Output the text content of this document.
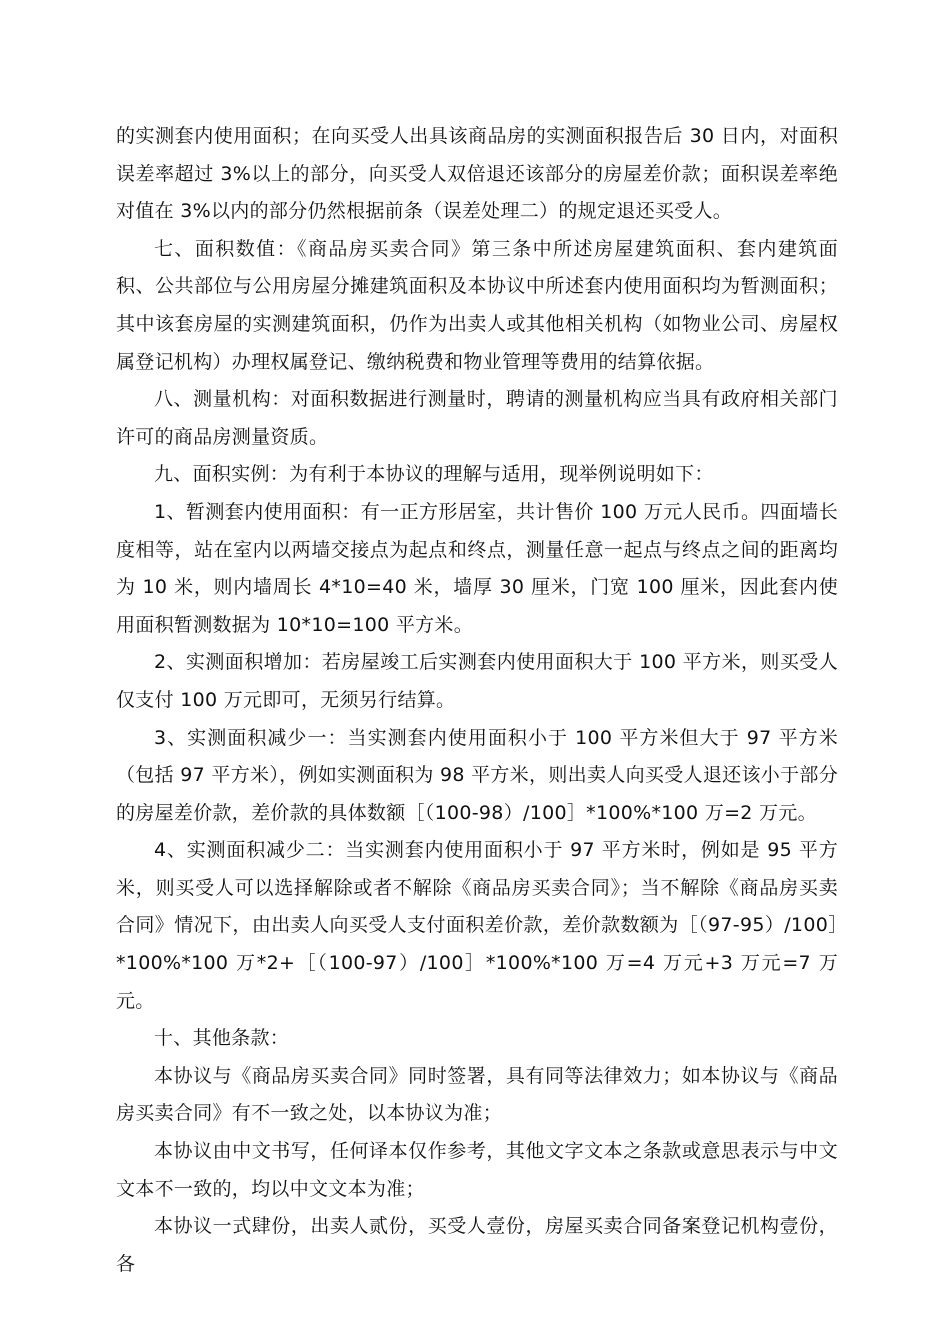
的实测套内使用面积；在向买受人出具该商品房的实测面积报告后 30 日内，对面积误差率超过 3%以上的部分，向买受人双倍退还该部分的房屋差价款；面积误差率绝对值在 3%以内的部分仍然根据前条（误差处理二）的规定退还买受人。

七、面积数值：《商品房买卖合同》第三条中所述房屋建筑面积、套内建筑面积、公共部位与公用房屋分摊建筑面积及本协议中所述套内使用面积均为暂测面积；其中该套房屋的实测建筑面积，仍作为出卖人或其他相关机构（如物业公司、房屋权属登记机构）办理权属登记、缴纳税费和物业管理等费用的结算依据。

八、测量机构：对面积数据进行测量时，聘请的测量机构应当具有政府相关部门许可的商品房测量资质。

九、面积实例：为有利于本协议的理解与适用，现举例说明如下：

1、暂测套内使用面积：有一正方形居室，共计售价 100 万元人民币。四面墙长度相等，站在室内以两墙交接点为起点和终点，测量任意一起点与终点之间的距离均为 10 米，则内墙周长 4*10=40 米，墙厚 30 厘米，门宽 100 厘米，因此套内使用面积暂测数据为 10*10=100 平方米。

2、实测面积增加：若房屋竣工后实测套内使用面积大于 100 平方米，则买受人仅支付 100 万元即可，无须另行结算。

3、实测面积减少一：当实测套内使用面积小于 100 平方米但大于 97 平方米（包括 97 平方米），例如实测面积为 98 平方米，则出卖人向买受人退还该小于部分的房屋差价款，差价款的具体数额［（100-98）/100］*100%*100 万=2 万元。

4、实测面积减少二：当实测套内使用面积小于 97 平方米时，例如是 95 平方米，则买受人可以选择解除或者不解除《商品房买卖合同》；当不解除《商品房买卖合同》情况下，由出卖人向买受人支付面积差价款，差价款数额为［（97-95）/100］*100%*100 万*2+［（100-97）/100］*100%*100 万=4 万元+3 万元=7 万元。

十、其他条款：

本协议与《商品房买卖合同》同时签署，具有同等法律效力；如本协议与《商品房买卖合同》有不一致之处，以本协议为准；

本协议由中文书写，任何译本仅作参考，其他文字文本之条款或意思表示与中文文本不一致的，均以中文文本为准；

本协议一式肆份，出卖人贰份，买受人壹份，房屋买卖合同备案登记机构壹份，各
